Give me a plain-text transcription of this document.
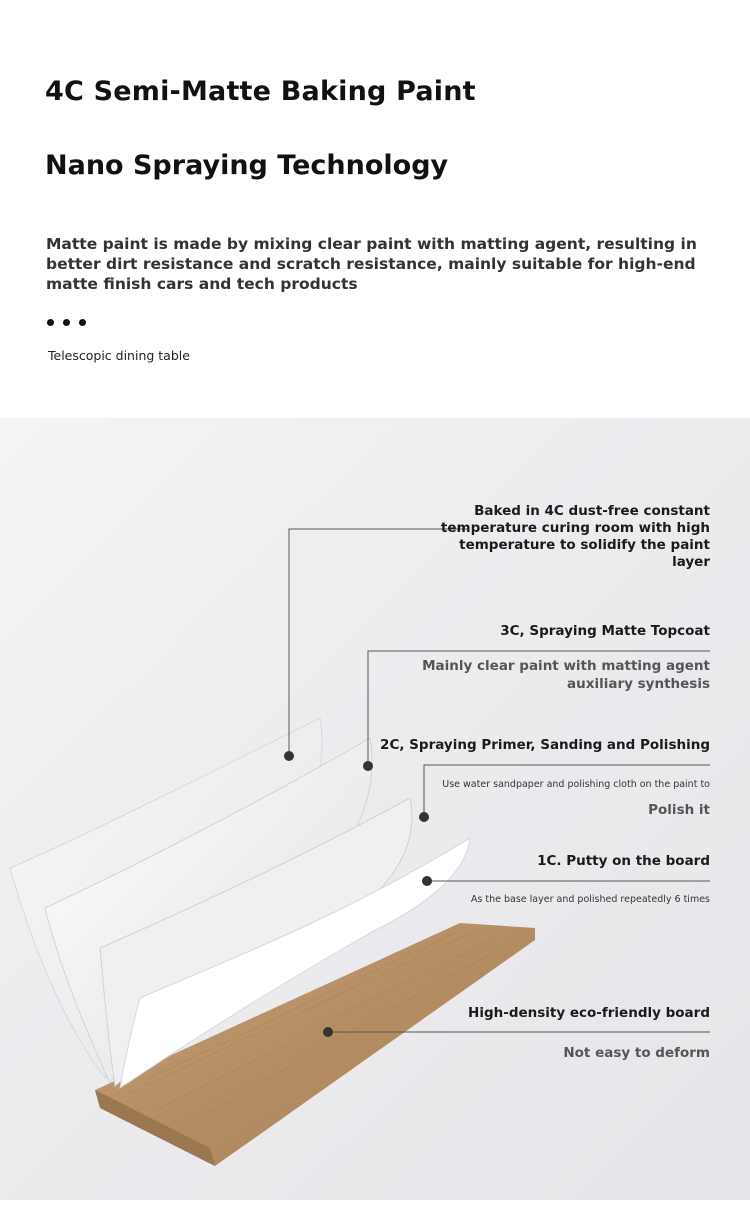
4C Semi-Matte Baking Paint
Nano Spraying Technology

Matte paint is made by mixing clear paint with matting agent, resulting in better dirt resistance and scratch resistance, mainly suitable for high-end matte finish cars and tech products

Telescopic dining table

Baked in 4C dust-free constant temperature curing room with high temperature to solidify the paint layer

3C, Spraying Matte Topcoat

Mainly clear paint with matting agent auxiliary synthesis

2C, Spraying Primer, Sanding and Polishing

Use water sandpaper and polishing cloth on the paint to

Polish it

1C. Putty on the board

As the base layer and polished repeatedly 6 times

High-density eco-friendly board

Not easy to deform
